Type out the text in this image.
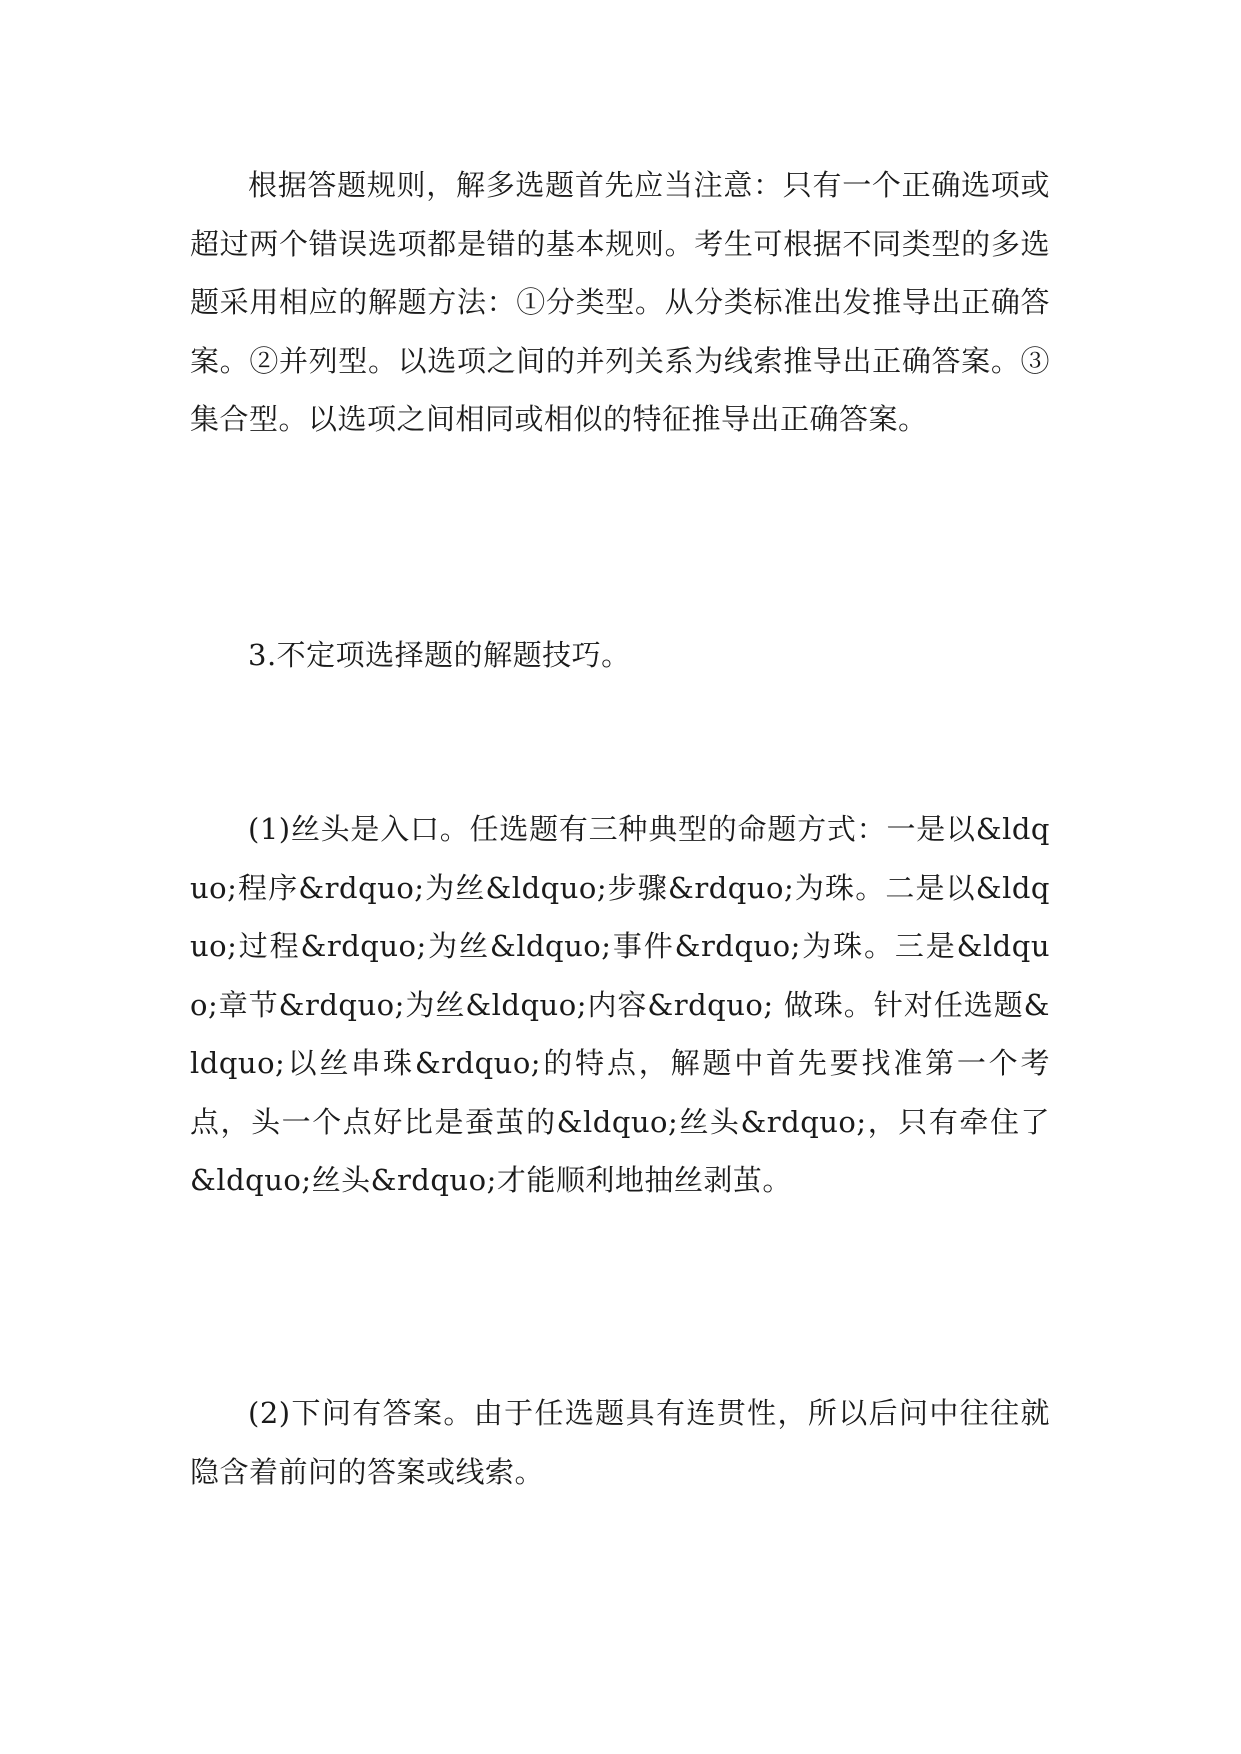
根据答题规则，解多选题首先应当注意：只有一个正确选项或超过两个错误选项都是错的基本规则。考生可根据不同类型的多选题采用相应的解题方法：①分类型。从分类标准出发推导出正确答案。②并列型。以选项之间的并列关系为线索推导出正确答案。③集合型。以选项之间相同或相似的特征推导出正确答案。

3.不定项选择题的解题技巧。

(1)丝头是入口。任选题有三种典型的命题方式：一是以&ldquo;程序&rdquo;为丝&ldquo;步骤&rdquo;为珠。二是以&ldquo;过程&rdquo;为丝&ldquo;事件&rdquo;为珠。三是&ldquo;章节&rdquo;为丝&ldquo;内容&rdquo; 做珠。针对任选题&ldquo;以丝串珠&rdquo;的特点，解题中首先要找准第一个考点，头一个点好比是蚕茧的&ldquo;丝头&rdquo;，只有牵住了&ldquo;丝头&rdquo;才能顺利地抽丝剥茧。

(2)下问有答案。由于任选题具有连贯性，所以后问中往往就隐含着前问的答案或线索。
